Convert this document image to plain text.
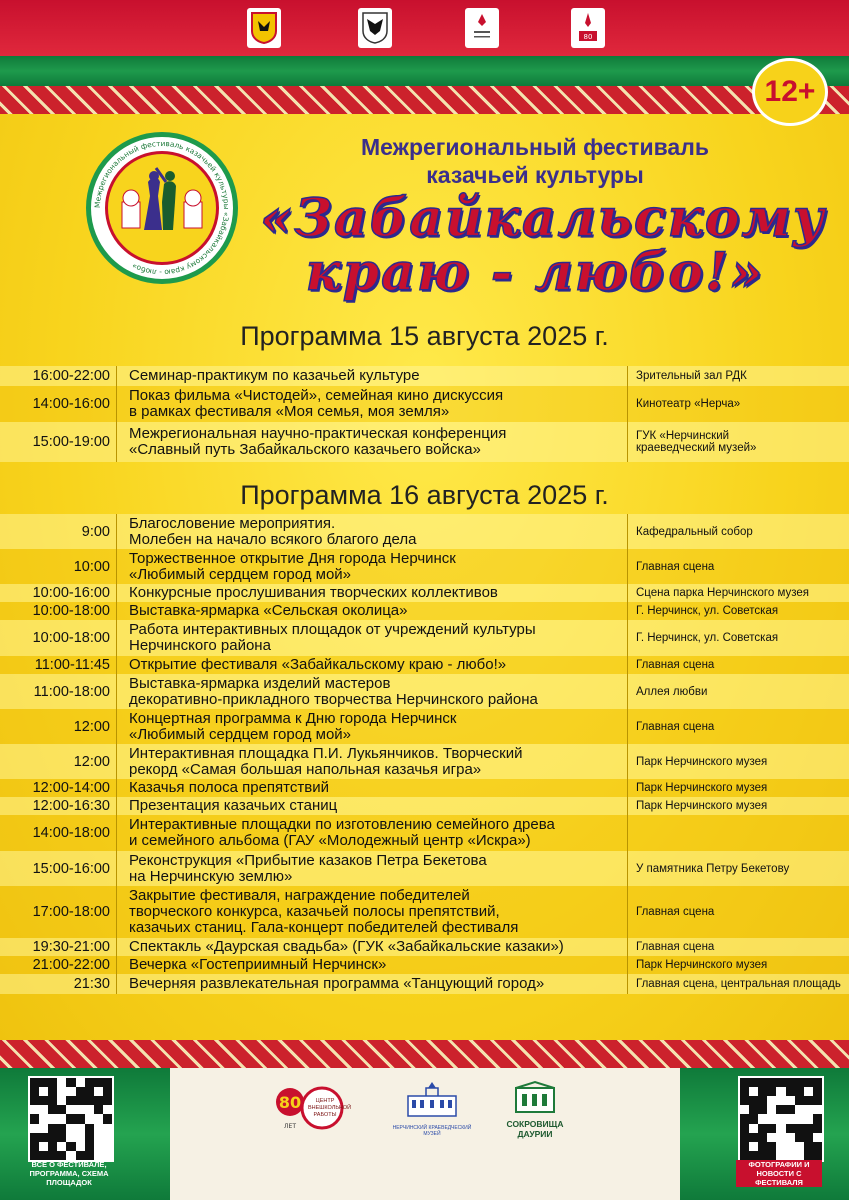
80
12+
Межрегиональный фестиваль казачьей культуры «Забайкальскому краю - любо»
Межрегиональный фестиваль
казачьей культуры
«Забайкальскому
краю - любо!»
Программа 15 августа 2025 г.
16:00-22:00	Семинар-практикум по казачьей культуре	Зрительный зал РДК
14:00-16:00	Показ фильма «Чистодей», семейная кино дискуссия
в рамках фестиваля «Моя семья, моя земля»	Кинотеатр «Нерча»
15:00-19:00	Межрегиональная научно-практическая конференция
«Славный путь Забайкальского казачьего войска»	ГУК «Нерчинский
краеведческий музей»
Программа 16 августа 2025 г.
9:00	Благословение мероприятия.
Молебен на начало всякого благого дела	Кафедральный собор
10:00	Торжественное открытие Дня города Нерчинск
«Любимый сердцем город мой»	Главная сцена
10:00-16:00	Конкурсные прослушивания творческих коллективов	Сцена парка Нерчинского музея
10:00-18:00	Выставка-ярмарка «Сельская околица»	Г. Нерчинск, ул. Советская
10:00-18:00	Работа интерактивных площадок от учреждений культуры
Нерчинского района	Г. Нерчинск, ул. Советская
11:00-11:45	Открытие фестиваля «Забайкальскому краю - любо!»	Главная сцена
11:00-18:00	Выставка-ярмарка изделий мастеров
декоративно-прикладного творчества Нерчинского района	Аллея любви
12:00	Концертная программа к Дню города Нерчинск
«Любимый сердцем город мой»	Главная сцена
12:00	Интерактивная площадка П.И. Лукьянчиков. Творческий
рекорд «Самая большая напольная казачья игра»	Парк Нерчинского музея
12:00-14:00	Казачья полоса препятствий	Парк Нерчинского музея
12:00-16:30	Презентация казачьих станиц	Парк Нерчинского музея
14:00-18:00	Интерактивные площадки по изготовлению семейного древа
и семейного альбома (ГАУ «Молодежный центр «Искра»)	
15:00-16:00	Реконструкция «Прибытие казаков Петра Бекетова
на Нерчинскую землю»	У памятника Петру Бекетову
17:00-18:00	Закрытие фестиваля, награждение победителей
творческого конкурса, казачьей полосы препятствий,
казачьих станиц. Гала-концерт победителей фестиваля	Главная сцена
19:30-21:00	Спектакль «Даурская свадьба» (ГУК «Забайкальские казаки»)	Главная сцена
21:00-22:00	Вечерка «Гостеприимный Нерчинск»	Парк Нерчинского музея
21:30	Вечерняя развлекательная программа «Танцующий город»	Главная сцена, центральная площадь
ВСЁ О ФЕСТИВАЛЕ, ПРОГРАММА, СХЕМА ПЛОЩАДОК
ФОТОГРАФИИ И НОВОСТИ С ФЕСТИВАЛЯ
80
ЛЕТ
ЦЕНТР ВНЕШКОЛЬНОЙ РАБОТЫ
НЕРЧИНСКИЙ КРАЕВЕДЧЕСКИЙ МУЗЕЙ
СОКРОВИЩА ДАУРИИ
